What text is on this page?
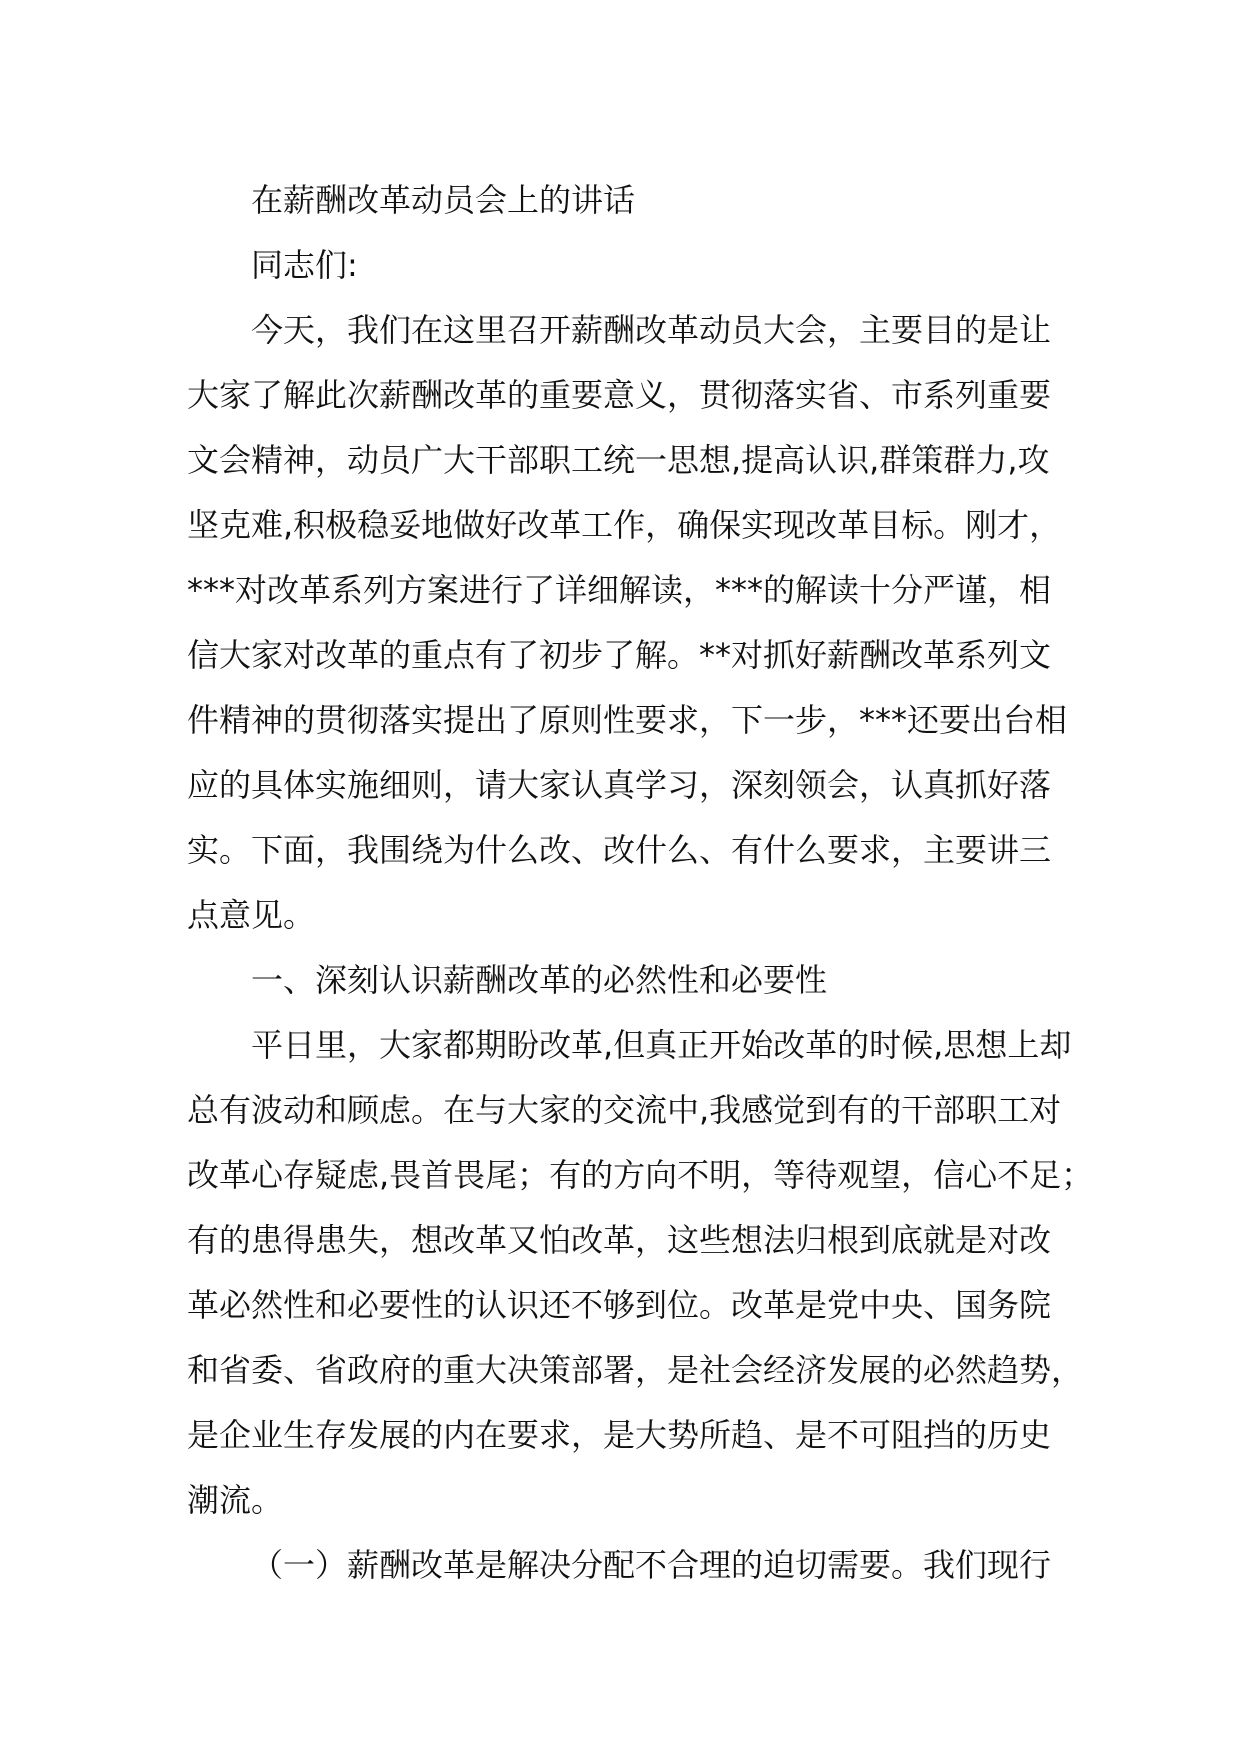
在薪酬改革动员会上的讲话
同志们:
今天，我们在这里召开薪酬改革动员大会，主要目的是让
大家了解此次薪酬改革的重要意义，贯彻落实省、市系列重要
文会精神，动员广大干部职工统一思想,提高认识,群策群力,攻
坚克难,积极稳妥地做好改革工作，确保实现改革目标。刚才，
***对改革系列方案进行了详细解读，***的解读十分严谨，相
信大家对改革的重点有了初步了解。**对抓好薪酬改革系列文
件精神的贯彻落实提出了原则性要求，下一步，***还要出台相
应的具体实施细则，请大家认真学习，深刻领会，认真抓好落
实。下面，我围绕为什么改、改什么、有什么要求，主要讲三
点意见。
一、深刻认识薪酬改革的必然性和必要性
平日里，大家都期盼改革,但真正开始改革的时候,思想上却
总有波动和顾虑。在与大家的交流中,我感觉到有的干部职工对
改革心存疑虑,畏首畏尾；有的方向不明，等待观望，信心不足；
有的患得患失，想改革又怕改革，这些想法归根到底就是对改
革必然性和必要性的认识还不够到位。改革是党中央、国务院
和省委、省政府的重大决策部署，是社会经济发展的必然趋势，
是企业生存发展的内在要求，是大势所趋、是不可阻挡的历史
潮流。
（一）薪酬改革是解决分配不合理的迫切需要。我们现行
